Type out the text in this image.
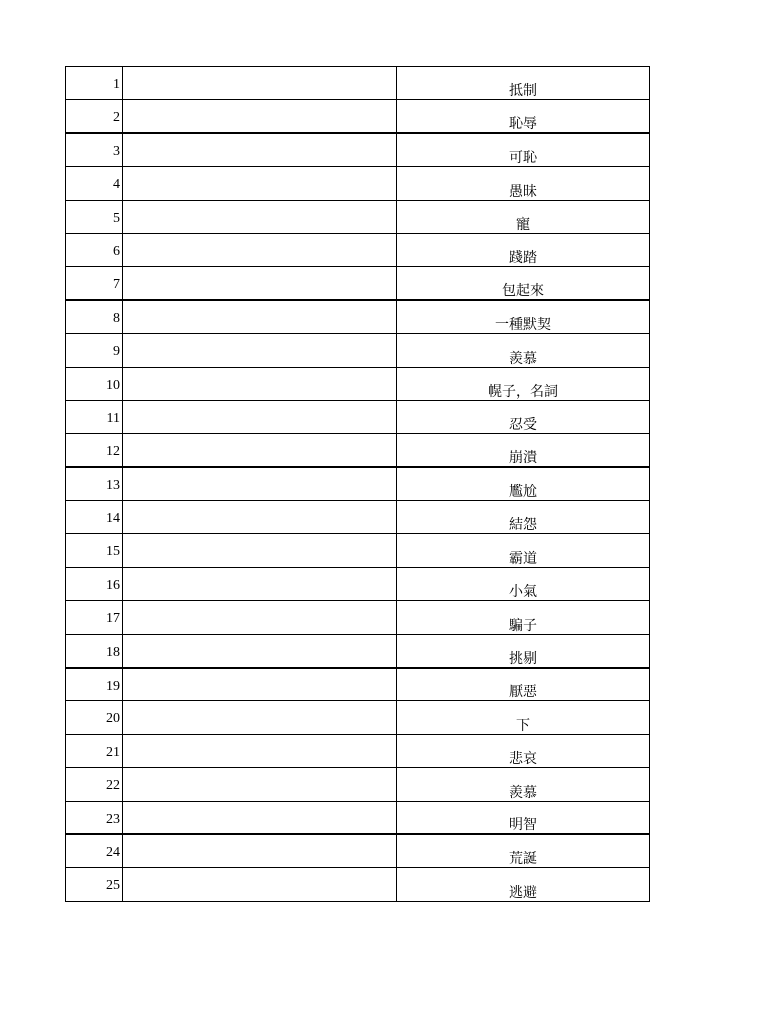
1		抵制
2		恥辱
3		可恥
4		愚昧
5		寵
6		踐踏
7		包起來
8		一種默契
9		羨慕
10		幌子，名詞
11		忍受
12		崩潰
13		尷尬
14		結怨
15		霸道
16		小氣
17		騙子
18		挑剔
19		厭惡
20		下
21		悲哀
22		羨慕
23		明智
24		荒誕
25		逃避
